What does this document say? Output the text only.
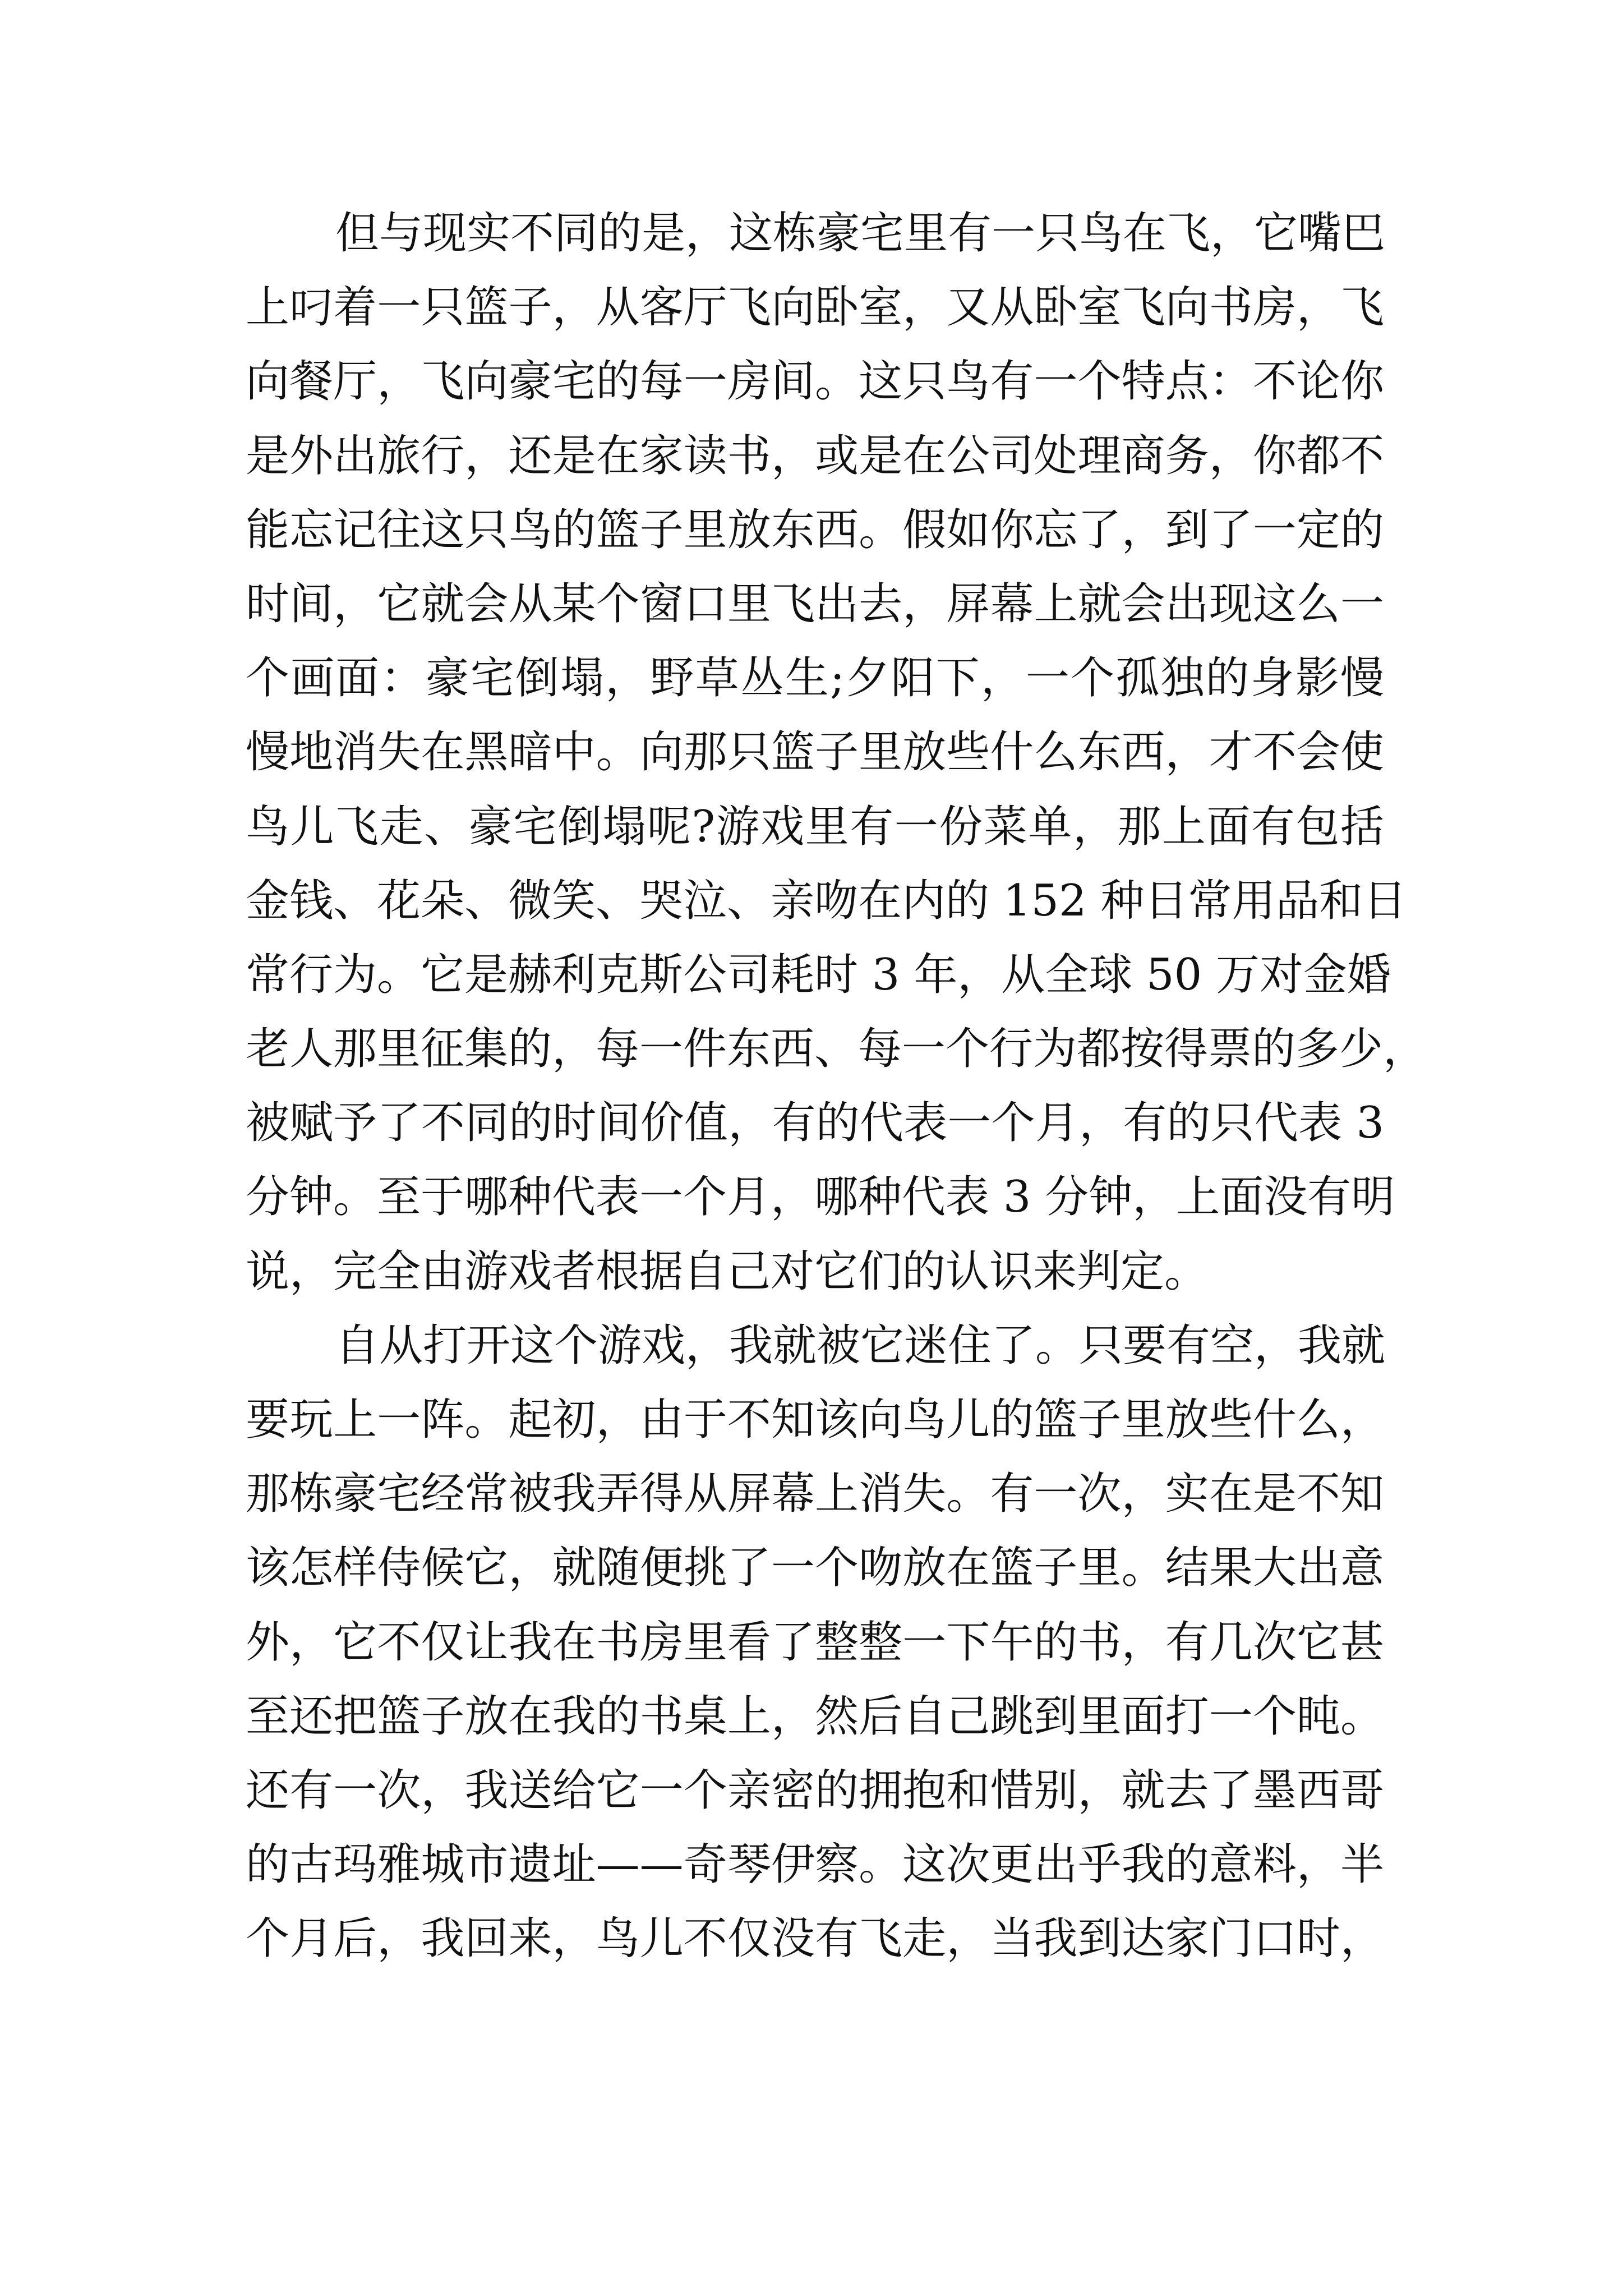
但与现实不同的是，这栋豪宅里有一只鸟在飞，它嘴巴
上叼着一只篮子，从客厅飞向卧室，又从卧室飞向书房，飞
向餐厅，飞向豪宅的每一房间。这只鸟有一个特点：不论你
是外出旅行，还是在家读书，或是在公司处理商务，你都不
能忘记往这只鸟的篮子里放东西。假如你忘了，到了一定的
时间，它就会从某个窗口里飞出去，屏幕上就会出现这么一
个画面：豪宅倒塌，野草丛生;夕阳下，一个孤独的身影慢
慢地消失在黑暗中。向那只篮子里放些什么东西，才不会使
鸟儿飞走、豪宅倒塌呢?游戏里有一份菜单，那上面有包括
金钱、花朵、微笑、哭泣、亲吻在内的 152 种日常用品和日
常行为。它是赫利克斯公司耗时 3 年，从全球 50 万对金婚
老人那里征集的，每一件东西、每一个行为都按得票的多少，
被赋予了不同的时间价值，有的代表一个月，有的只代表 3
分钟。至于哪种代表一个月，哪种代表 3 分钟，上面没有明
说，完全由游戏者根据自己对它们的认识来判定。
自从打开这个游戏，我就被它迷住了。只要有空，我就
要玩上一阵。起初，由于不知该向鸟儿的篮子里放些什么，
那栋豪宅经常被我弄得从屏幕上消失。有一次，实在是不知
该怎样侍候它，就随便挑了一个吻放在篮子里。结果大出意
外，它不仅让我在书房里看了整整一下午的书，有几次它甚
至还把篮子放在我的书桌上，然后自己跳到里面打一个盹。
还有一次，我送给它一个亲密的拥抱和惜别，就去了墨西哥
的古玛雅城市遗址——奇琴伊察。这次更出乎我的意料，半
个月后，我回来，鸟儿不仅没有飞走，当我到达家门口时，
